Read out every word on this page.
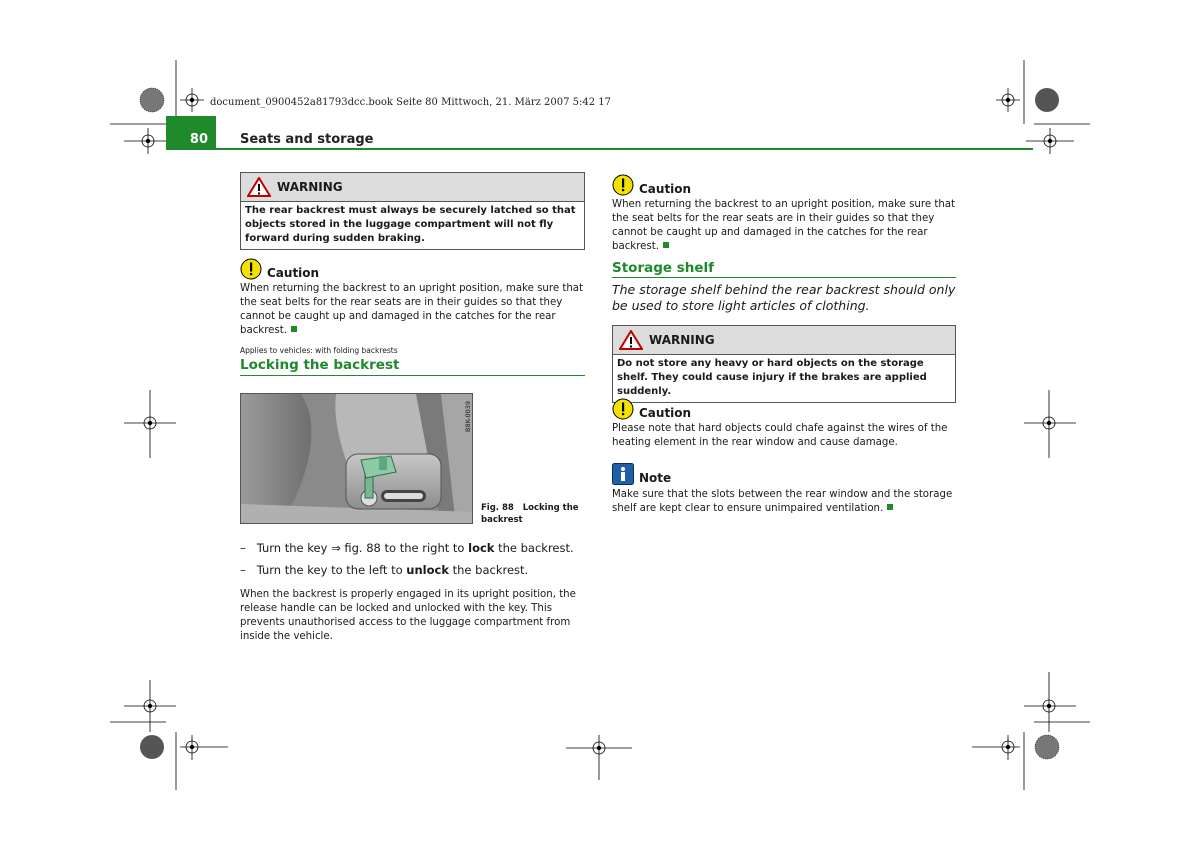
document_0900452a81793dcc.book Seite 80 Mittwoch, 21. März 2007 5:42 17
80	Seats and storage
WARNING
The rear backrest must always be securely latched so that objects stored in the luggage compartment will not fly forward during sudden braking.
Caution
When returning the backrest to an upright position, make sure that the seat belts for the rear seats are in their guides so that they cannot be caught up and damaged in the catches for the rear backrest.
Applies to vehicles: with folding backrests
Locking the backrest
B8K-0039
Fig. 88 Locking the backrest
– Turn the key ⇒ fig. 88 to the right to lock the backrest.
– Turn the key to the left to unlock the backrest.
When the backrest is properly engaged in its upright position, the release handle can be locked and unlocked with the key. This prevents unauthorised access to the luggage compartment from inside the vehicle.
Caution
When returning the backrest to an upright position, make sure that the seat belts for the rear seats are in their guides so that they cannot be caught up and damaged in the catches for the rear backrest.
Storage shelf
The storage shelf behind the rear backrest should only be used to store light articles of clothing.
WARNING
Do not store any heavy or hard objects on the storage shelf. They could cause injury if the brakes are applied suddenly.
Caution
Please note that hard objects could chafe against the wires of the heating element in the rear window and cause damage.
Note
Make sure that the slots between the rear window and the storage shelf are kept clear to ensure unimpaired ventilation.
